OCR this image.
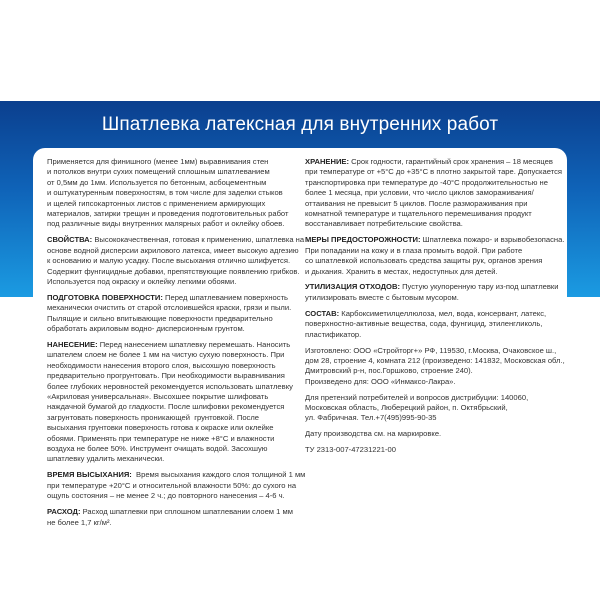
Шпатлевка латексная для внутренних работ
Применяется для финишного (менее 1мм) выравнивания стен
и потолков внутри сухих помещений сплошным шпатлеванием
от 0,5мм до 1мм. Используется по бетонным, асбоцементным
и оштукатуренным поверхностям, в том числе для заделки стыков
и щелей гипсокартонных листов с применением армирующих
материалов, затирки трещин и проведения подготовительных работ
под различные виды внутренних малярных работ и оклейку обоев.
СВОЙСТВА: Высококачественная, готовая к применению, шпатлевка на
основе водной дисперсии акрилового латекса, имеет высокую адгезию
к основанию и малую усадку. После высыхания отлично шлифуется.
Содержит фунгицидные добавки, препятствующие появлению грибков.
Используется под окраску и оклейку легкими обоями.
ПОДГОТОВКА ПОВЕРХНОСТИ: Перед шпатлеванием поверхность
механически очистить от старой отслоившейся краски, грязи и пыли.
Пылящие и сильно впитывающие поверхности предварительно
обработать акриловым водно- дисперсионным грунтом.
НАНЕСЕНИЕ: Перед нанесением шпатлевку перемешать. Наносить
шпателем слоем не более 1 мм на чистую сухую поверхность. При
необходимости нанесения второго слоя, высохшую поверхность
предварительно прогрунтовать. При необходимости выравнивания
более глубоких неровностей рекомендуется использовать шпатлевку
«Акриловая универсальная». Высохшее покрытие шлифовать
наждачной бумагой до гладкости. После шлифовки рекомендуется
загрунтовать поверхность проникающей  грунтовкой. После
высыхания грунтовки поверхность готова к окраске или оклейке
обоями. Применять при температуре не ниже +8°С и влажности
воздуха не более 50%. Инструмент очищать водой. Засохшую
шпатлевку удалить механически.
ВРЕМЯ ВЫСЫХАНИЯ:  Время высыхания каждого слоя толщиной 1 мм
при температуре +20°С и относительной влажности 50%: до сухого на
ощупь состояния – не менее 2 ч.; до повторного нанесения – 4-6 ч.
РАСХОД: Расход шпатлевки при сплошном шпатлевании слоем 1 мм
не более 1,7 кг/м².
ХРАНЕНИЕ: Срок годности, гарантийный срок хранения – 18 месяцев
при температуре от +5°С до +35°С в плотно закрытой таре. Допускается
транспортировка при температуре до -40°С продолжительностью не
более 1 месяца, при условии, что число циклов замораживания/
оттаивания не превысит 5 циклов. После размораживания при
комнатной температуре и тщательного перемешивания продукт
восстанавливает потребительские свойства.
МЕРЫ ПРЕДОСТОРОЖНОСТИ: Шпатлевка пожаро- и взрывобезопасна.
При попадании на кожу и в глаза промыть водой. При работе
со шпатлевкой использовать средства защиты рук, органов зрения
и дыхания. Хранить в местах, недоступных для детей.
УТИЛИЗАЦИЯ ОТХОДОВ: Пустую укупоренную тару из-под шпатлевки
утилизировать вместе с бытовым мусором.
СОСТАВ: Карбоксиметилцеллюлоза, мел, вода, консервант, латекс,
поверхностно-активные вещества, сода, фунгицид, этиленгликоль,
пластификатор.
Изготовлено: ООО «Стройторг+» РФ, 119530, г.Москва, Очаковское ш.,
дом 28, строение 4, комната 212 (произведено: 141832, Московская обл.,
Дмитровский р-н, пос.Горшково, строение 240).
Произведено для: ООО «Инмаксо-Лакра».
Для претензий потребителей и вопросов дистрибуции: 140060,
Московская область, Люберецкий район, п. Октябрьский,
ул. Фабричная. Тел.+7(495)995-90-35
Дату производства см. на маркировке.
ТУ 2313-007-47231221-00
